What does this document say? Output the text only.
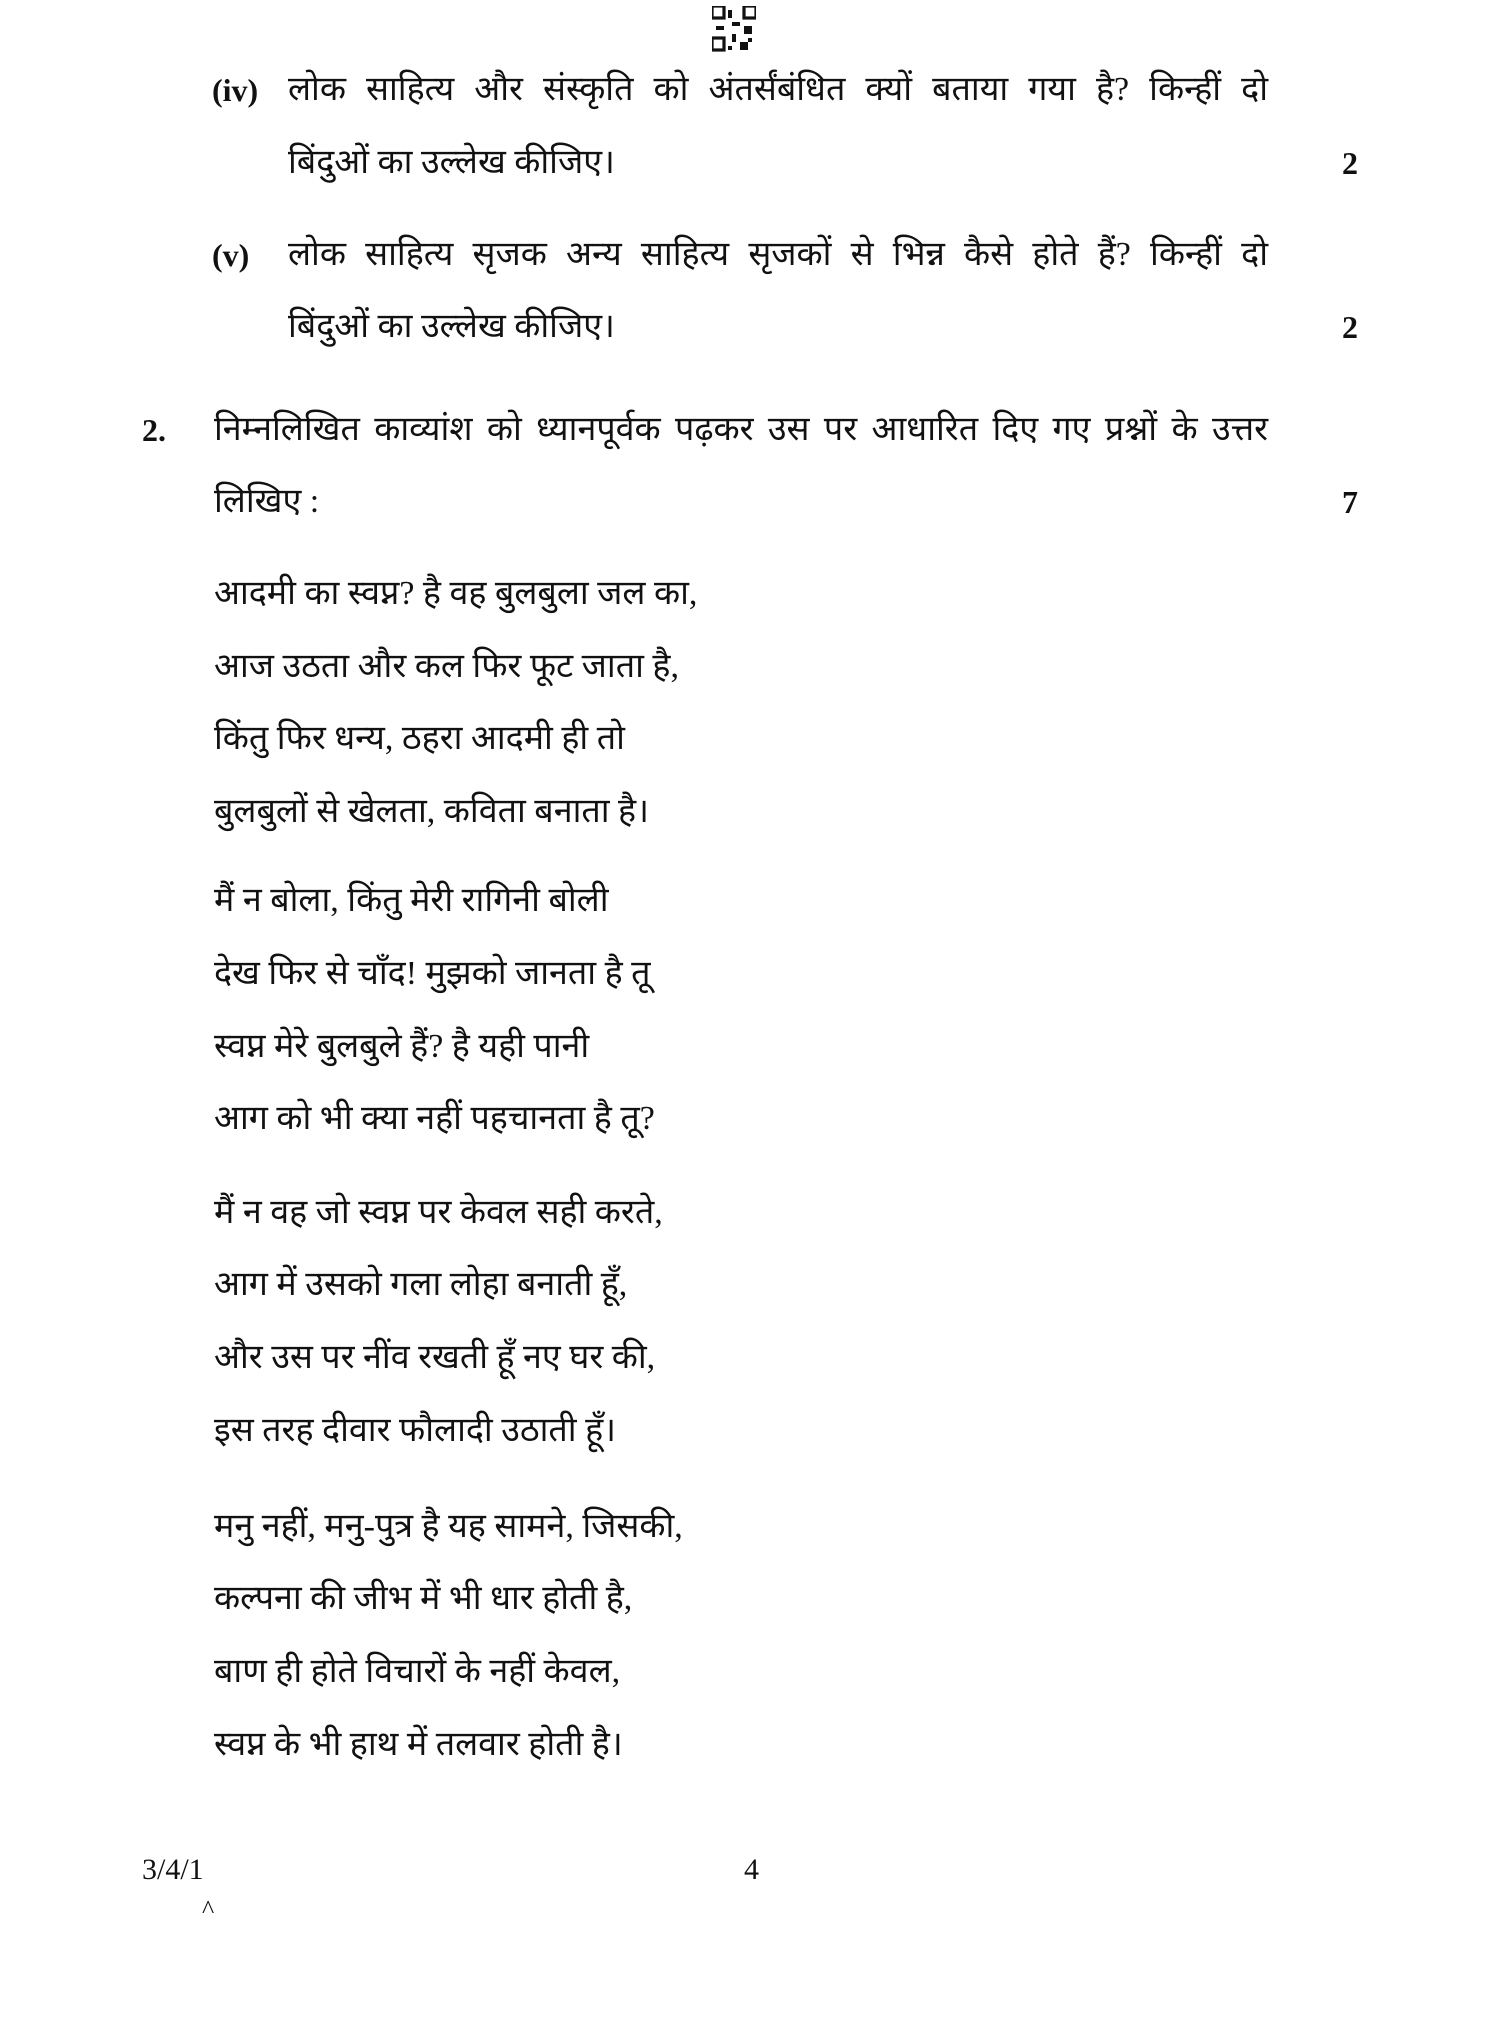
(iv) लोक साहित्य और संस्कृति को अंतर्संबंधित क्यों बताया गया है? किन्हीं दो
बिंदुओं का उल्लेख कीजिए।	2
(v) लोक साहित्य सृजक अन्य साहित्य सृजकों से भिन्न कैसे होते हैं? किन्हीं दो
बिंदुओं का उल्लेख कीजिए।	2
2. निम्नलिखित काव्यांश को ध्यानपूर्वक पढ़कर उस पर आधारित दिए गए प्रश्नों के उत्तर
लिखिए :	7
आदमी का स्वप्न? है वह बुलबुला जल का,
आज उठता और कल फिर फूट जाता है,
किंतु फिर धन्य, ठहरा आदमी ही तो
बुलबुलों से खेलता, कविता बनाता है।
मैं न बोला, किंतु मेरी रागिनी बोली
देख फिर से चाँद! मुझको जानता है तू
स्वप्न मेरे बुलबुले हैं? है यही पानी
आग को भी क्या नहीं पहचानता है तू?
मैं न वह जो स्वप्न पर केवल सही करते,
आग में उसको गला लोहा बनाती हूँ,
और उस पर नींव रखती हूँ नए घर की,
इस तरह दीवार फौलादी उठाती हूँ।
मनु नहीं, मनु-पुत्र है यह सामने, जिसकी,
कल्पना की जीभ में भी धार होती है,
बाण ही होते विचारों के नहीं केवल,
स्वप्न के भी हाथ में तलवार होती है।
3/4/1	4
^
